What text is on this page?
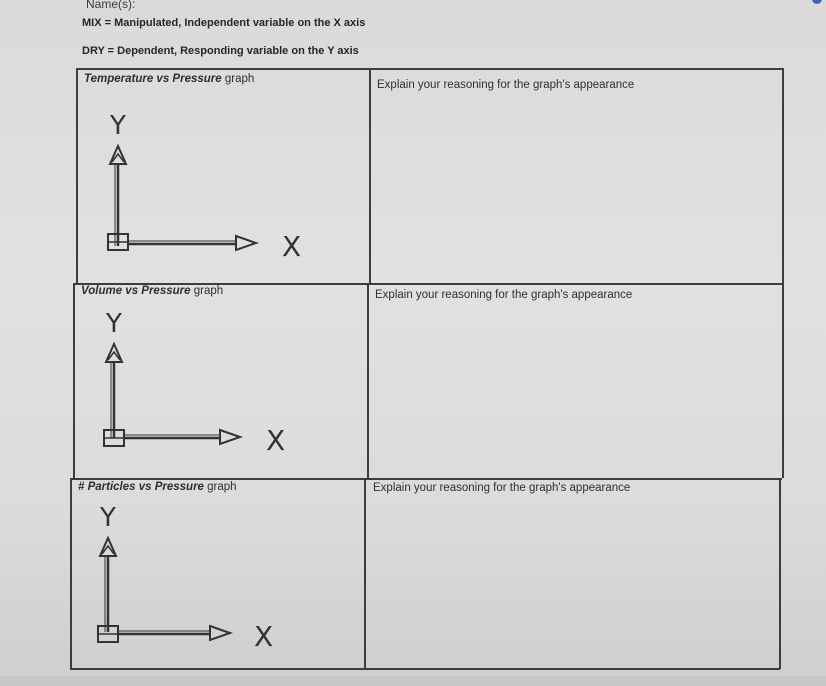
Name(s):
MIX = Manipulated, Independent variable on the X axis
DRY = Dependent, Responding variable on the Y axis
Temperature vs Pressure graph	Explain your reasoning for the graph's appearance
Y
X
Volume vs Pressure graph	Explain your reasoning for the graph's appearance
Y
X
# Particles vs Pressure graph	Explain your reasoning for the graph's appearance
Y
X
